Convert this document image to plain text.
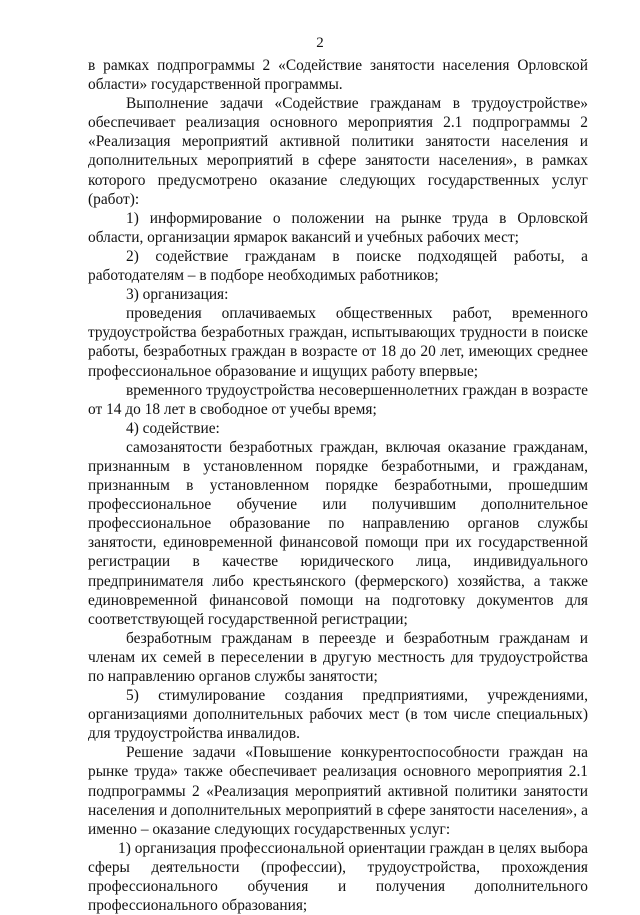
2

в рамках подпрограммы 2 «Содействие занятости населения Орловской области» государственной программы.

Выполнение задачи «Содействие гражданам в трудоустройстве» обеспечивает реализация основного мероприятия 2.1 подпрограммы 2 «Реализация мероприятий активной политики занятости населения и дополнительных мероприятий в сфере занятости населения», в рамках которого предусмотрено оказание следующих государственных услуг (работ):

1) информирование о положении на рынке труда в Орловской области, организации ярмарок вакансий и учебных рабочих мест;

2) содействие гражданам в поиске подходящей работы, а работодателям – в подборе необходимых работников;

3) организация:

проведения оплачиваемых общественных работ, временного трудоустройства безработных граждан, испытывающих трудности в поиске работы, безработных граждан в возрасте от 18 до 20 лет, имеющих среднее профессиональное образование и ищущих работу впервые;

временного трудоустройства несовершеннолетних граждан в возрасте от 14 до 18 лет в свободное от учебы время;

4) содействие:

самозанятости безработных граждан, включая оказание гражданам, признанным в установленном порядке безработными, и гражданам, признанным в установленном порядке безработными, прошедшим профессиональное обучение или получившим дополнительное профессиональное образование по направлению органов службы занятости, единовременной финансовой помощи при их государственной регистрации в качестве юридического лица, индивидуального предпринимателя либо крестьянского (фермерского) хозяйства, а также единовременной финансовой помощи на подготовку документов для соответствующей государственной регистрации;

безработным гражданам в переезде и безработным гражданам и членам их семей в переселении в другую местность для трудоустройства по направлению органов службы занятости;

5) стимулирование создания предприятиями, учреждениями, организациями дополнительных рабочих мест (в том числе специальных) для трудоустройства инвалидов.

Решение задачи «Повышение конкурентоспособности граждан на рынке труда» также обеспечивает реализация основного мероприятия 2.1 подпрограммы 2 «Реализация мероприятий активной политики занятости населения и дополнительных мероприятий в сфере занятости населения», а именно – оказание следующих государственных услуг:

1) организация профессиональной ориентации граждан в целях выбора сферы деятельности (профессии), трудоустройства, прохождения профессионального обучения и получения дополнительного профессионального образования;
